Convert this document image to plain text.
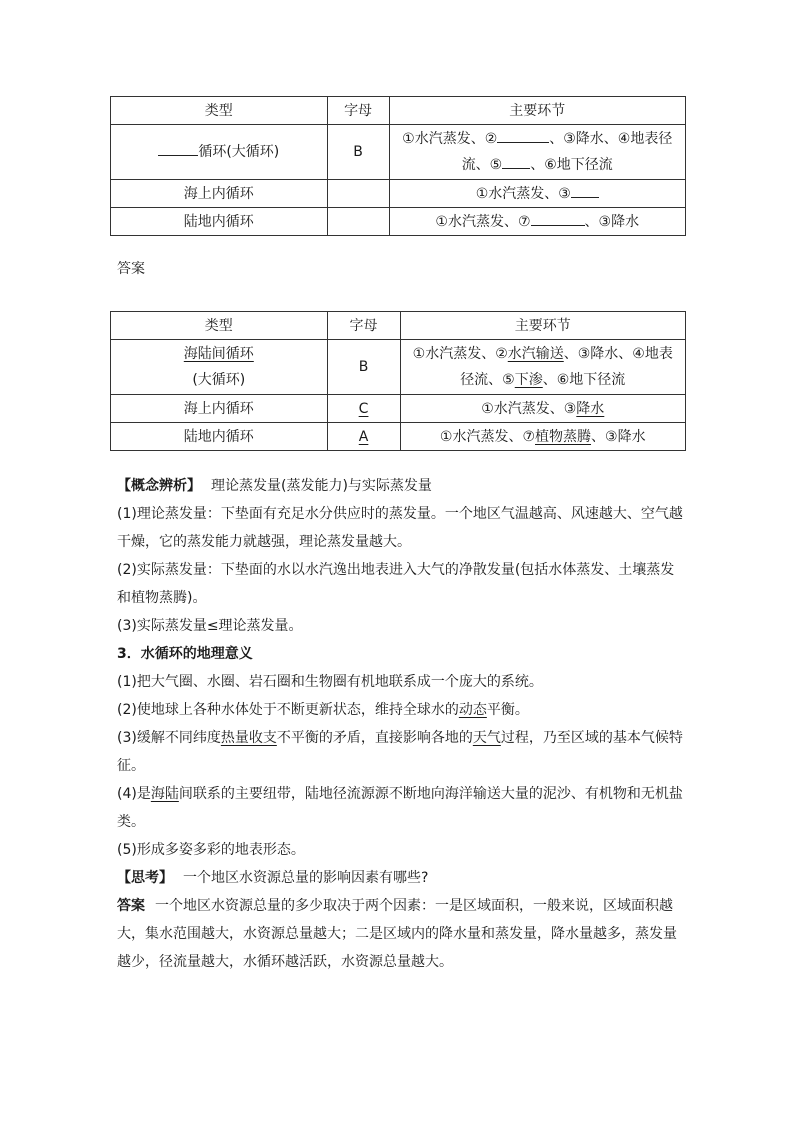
类型	字母	主要环节
循环(大循环)	B	①水汽蒸发、② 、③降水、④地表径
流、⑤ 、⑥地下径流
海上内循环		①水汽蒸发、③
陆地内循环		①水汽蒸发、⑦ 、③降水
答案
类型	字母	主要环节
海陆间循环
(大循环)	B	①水汽蒸发、②水汽输送、③降水、④地表
径流、⑤下渗、⑥地下径流
海上内循环	C	①水汽蒸发、③降水
陆地内循环	A	①水汽蒸发、⑦植物蒸腾、③降水

【概念辨析】 理论蒸发量(蒸发能力)与实际蒸发量

(1)理论蒸发量：下垫面有充足水分供应时的蒸发量。一个地区气温越高、风速越大、空气越干燥，它的蒸发能力就越强，理论蒸发量越大。

(2)实际蒸发量：下垫面的水以水汽逸出地表进入大气的净散发量(包括水体蒸发、土壤蒸发和植物蒸腾)。

(3)实际蒸发量≤理论蒸发量。

3．水循环的地理意义

(1)把大气圈、水圈、岩石圈和生物圈有机地联系成一个庞大的系统。

(2)使地球上各种水体处于不断更新状态，维持全球水的动态平衡。

(3)缓解不同纬度热量收支不平衡的矛盾，直接影响各地的天气过程，乃至区域的基本气候特征。

(4)是海陆间联系的主要纽带，陆地径流源源不断地向海洋输送大量的泥沙、有机物和无机盐类。

(5)形成多姿多彩的地表形态。

【思考】 一个地区水资源总量的影响因素有哪些?

答案 一个地区水资源总量的多少取决于两个因素：一是区域面积，一般来说，区域面积越大，集水范围越大，水资源总量越大；二是区域内的降水量和蒸发量，降水量越多，蒸发量越少，径流量越大，水循环越活跃，水资源总量越大。
